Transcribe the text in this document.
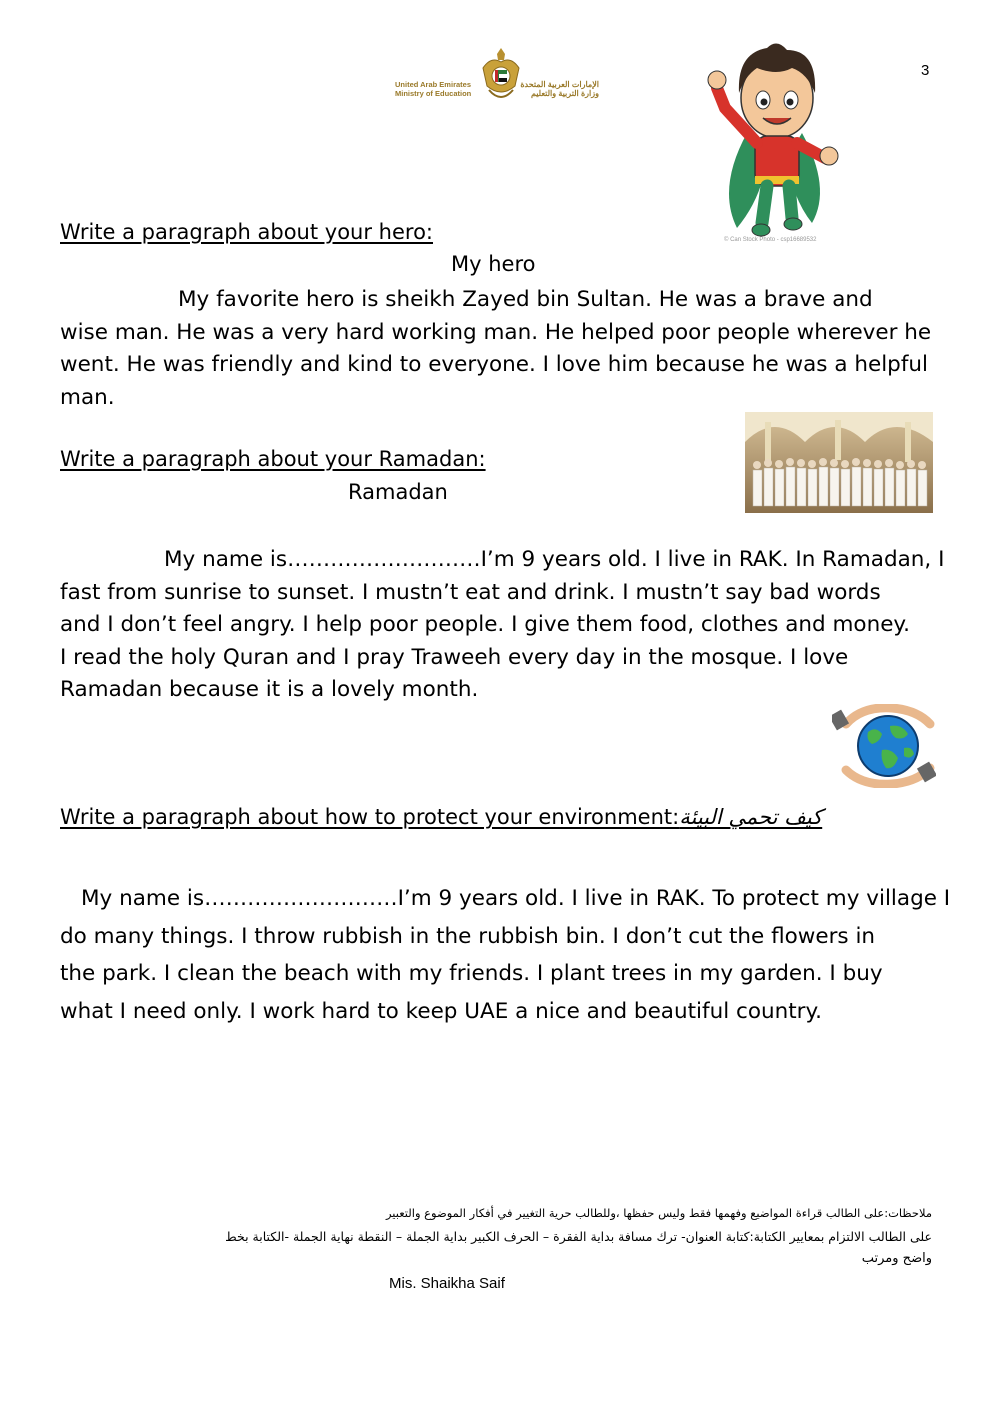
3
United Arab Emirates
Ministry of Education
الإمارات العربية المتحدة
وزارة التربية والتعليم
© Can Stock Photo - csp16689532
Write a paragraph about your hero:
My hero
My favorite hero is sheikh Zayed bin Sultan. He was a brave and
wise man. He was a very hard working man. He helped poor people wherever he
went. He was friendly and kind to everyone. I love him because he was a helpful
man.
Write a paragraph about your Ramadan:
Ramadan
My name is………………………I’m 9 years old. I live in RAK. In Ramadan, I
fast from sunrise to sunset. I mustn’t eat and drink. I mustn’t say bad words
and I don’t feel angry. I help poor people. I give them food, clothes and money.
I read the holy Quran and I pray Traweeh every day in the mosque. I love
Ramadan because it is a lovely month.
Write a paragraph about how to protect your environment:كيف تحمي البيئة
My name is………………………I’m 9 years old. I live in RAK. To protect my village I
do many things. I throw rubbish in the rubbish bin. I don’t cut the flowers in
the park. I clean the beach with my friends. I plant trees in my garden. I buy
what I need only. I work hard to keep UAE a nice and beautiful country.
ملاحظات:على الطالب قراءة المواضيع وفهمها فقط وليس حفظها ،وللطالب حرية التغيير في أفكار الموضوع والتعبير
على الطالب الالتزام بمعايير الكتابة:كتابة العنوان- ترك مسافة بداية الفقرة – الحرف الكبير بداية الجملة – النقطة نهاية الجملة -الكتابة بخط
واضح ومرتب
Mis. Shaikha Saif
